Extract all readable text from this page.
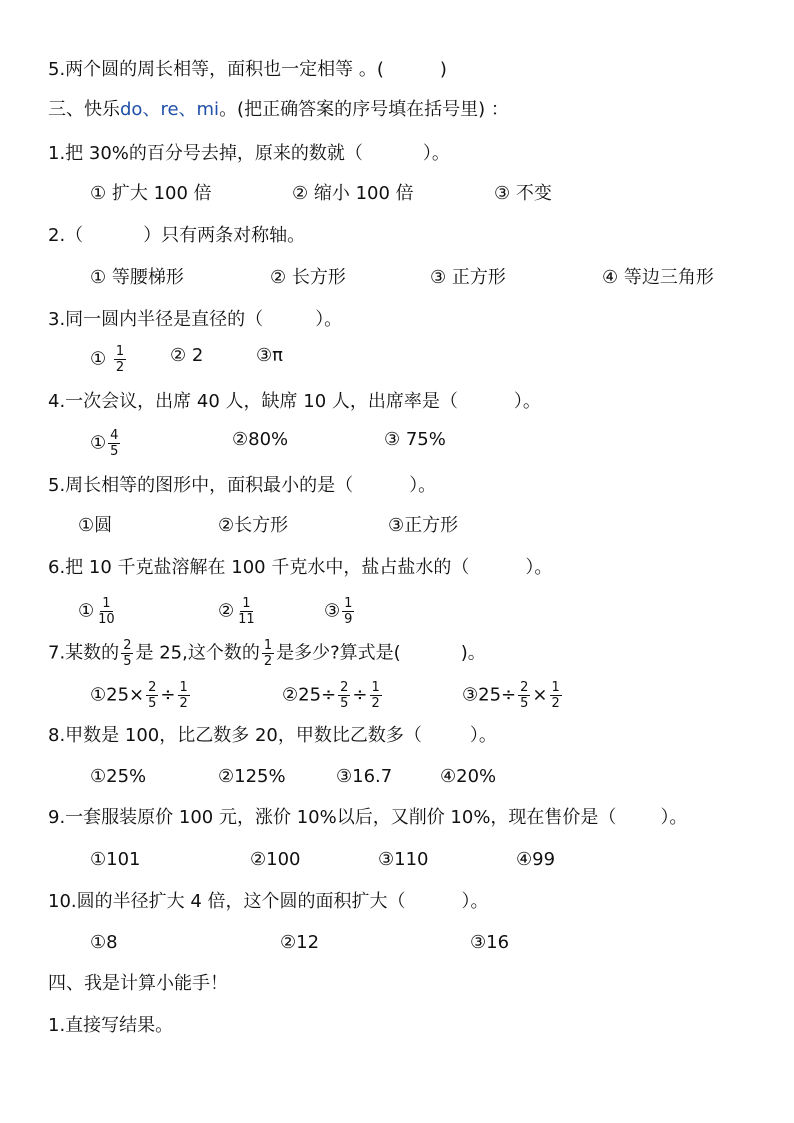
5.两个圆的周长相等，面积也一定相等 。(	)
三、快乐do、re、mi。(把正确答案的序号填在括号里) ：
1.把 30%的百分号去掉，原来的数就（	）。
① 扩大 100 倍	② 缩小 100 倍	③ 不变
2.（	）只有两条对称轴。
① 等腰梯形	② 长方形	③ 正方形	④ 等边三角形
3.同一圆内半径是直径的（	）。
① $\frac{1}{2}$ ② 2	③π
4.一次会议，出席 40 人，缺席 10 人，出席率是（	）。
① $\frac{4}{5}$	②80%	③ 75%
5.周长相等的图形中，面积最小的是（	）。
①圆	②长方形	③正方形
6.把 10 千克盐溶解在 100 千克水中，盐占盐水的（	）。
① $\frac{1}{10}$	② $\frac{1}{11}$	③ $\frac{1}{9}$
7.某数的 $\frac{2}{5}$ 是 25,这个数的 $\frac{1}{2}$ 是多少?算式是(	)。
①25× $\frac{2}{5} \div \frac{1}{2}$	②25÷ $\frac{2}{5} \div \frac{1}{2}$	③25÷ $\frac{2}{5} \times \frac{1}{2}$
8.甲数是 100，比乙数多 20，甲数比乙数多（	）。
①25%	②125%	③16.7	④20%
9.一套服装原价 100 元，涨价 10%以后，又削价 10%，现在售价是（ ）。
①101	②100	③110	④99
10.圆的半径扩大 4 倍，这个圆的面积扩大（	）。
①8	②12	③16
四、我是计算小能手！
1.直接写结果。
